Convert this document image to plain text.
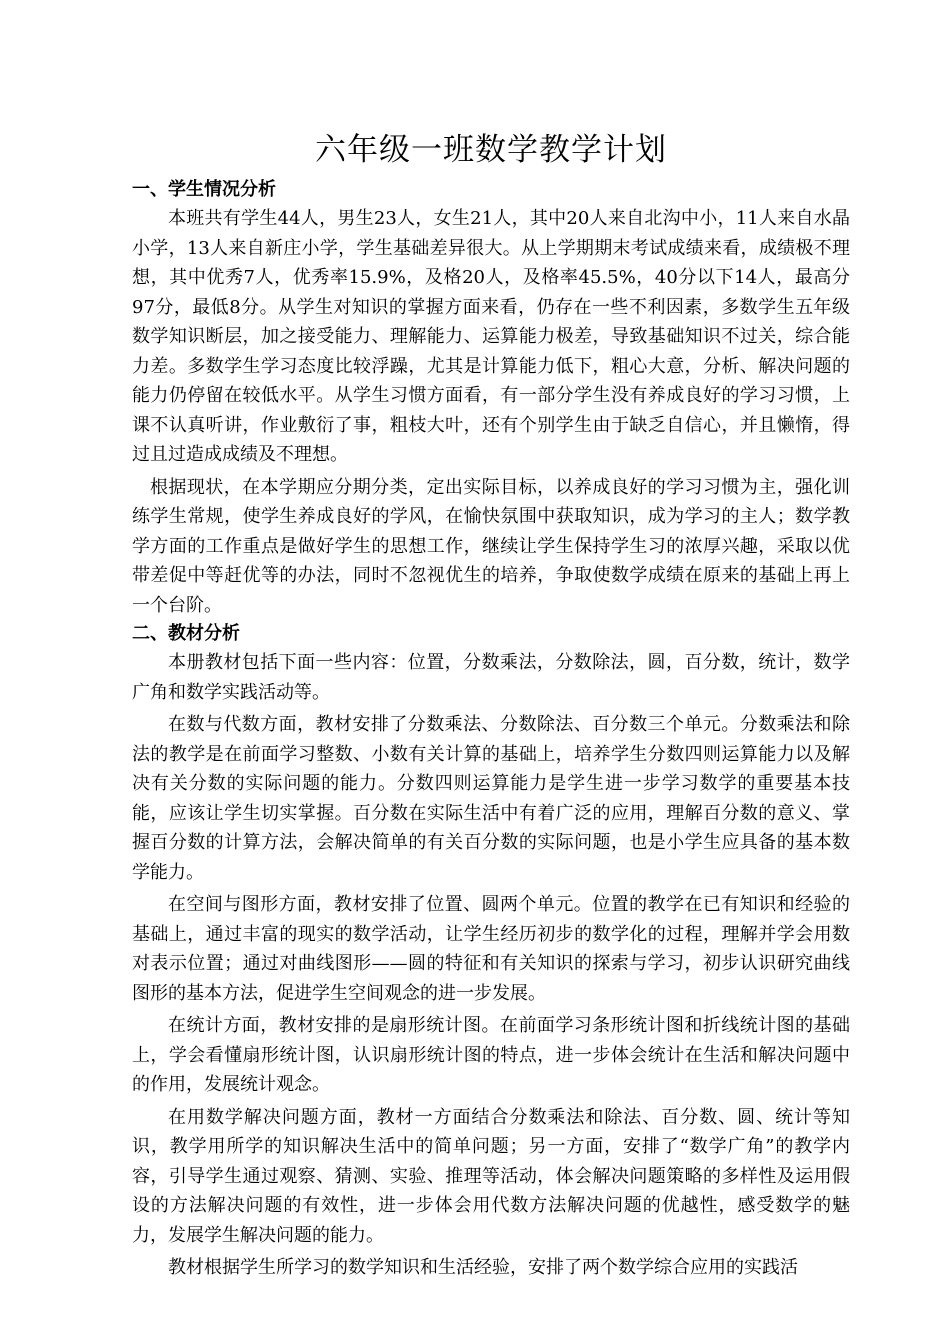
六年级一班数学教学计划
一、学生情况分析

本班共有学生44人，男生23人，女生21人，其中20人来自北沟中小，11人来自水晶小学，13人来自新庄小学，学生基础差异很大。从上学期期末考试成绩来看，成绩极不理想，其中优秀7人，优秀率15.9%，及格20人，及格率45.5%，40分以下14人，最高分97分，最低8分。从学生对知识的掌握方面来看，仍存在一些不利因素，多数学生五年级数学知识断层，加之接受能力、理解能力、运算能力极差，导致基础知识不过关，综合能力差。多数学生学习态度比较浮躁，尤其是计算能力低下，粗心大意，分析、解决问题的能力仍停留在较低水平。从学生习惯方面看，有一部分学生没有养成良好的学习习惯，上课不认真听讲，作业敷衍了事，粗枝大叶，还有个别学生由于缺乏自信心，并且懒惰，得过且过造成成绩及不理想。

根据现状，在本学期应分期分类，定出实际目标，以养成良好的学习习惯为主，强化训练学生常规，使学生养成良好的学风，在愉快氛围中获取知识，成为学习的主人；数学教学方面的工作重点是做好学生的思想工作，继续让学生保持学生习的浓厚兴趣，采取以优带差促中等赶优等的办法，同时不忽视优生的培养，争取使数学成绩在原来的基础上再上一个台阶。

二、教材分析

本册教材包括下面一些内容：位置，分数乘法，分数除法，圆，百分数，统计，数学广角和数学实践活动等。

在数与代数方面，教材安排了分数乘法、分数除法、百分数三个单元。分数乘法和除法的教学是在前面学习整数、小数有关计算的基础上，培养学生分数四则运算能力以及解决有关分数的实际问题的能力。分数四则运算能力是学生进一步学习数学的重要基本技能，应该让学生切实掌握。百分数在实际生活中有着广泛的应用，理解百分数的意义、掌握百分数的计算方法，会解决简单的有关百分数的实际问题，也是小学生应具备的基本数学能力。

在空间与图形方面，教材安排了位置、圆两个单元。位置的教学在已有知识和经验的基础上，通过丰富的现实的数学活动，让学生经历初步的数学化的过程，理解并学会用数对表示位置；通过对曲线图形——圆的特征和有关知识的探索与学习，初步认识研究曲线图形的基本方法，促进学生空间观念的进一步发展。

在统计方面，教材安排的是扇形统计图。在前面学习条形统计图和折线统计图的基础上，学会看懂扇形统计图，认识扇形统计图的特点，进一步体会统计在生活和解决问题中的作用，发展统计观念。

在用数学解决问题方面，教材一方面结合分数乘法和除法、百分数、圆、统计等知识，教学用所学的知识解决生活中的简单问题；另一方面，安排了“数学广角”的教学内容，引导学生通过观察、猜测、实验、推理等活动，体会解决问题策略的多样性及运用假设的方法解决问题的有效性，进一步体会用代数方法解决问题的优越性，感受数学的魅力，发展学生解决问题的能力。

教材根据学生所学习的数学知识和生活经验，安排了两个数学综合应用的实践活
